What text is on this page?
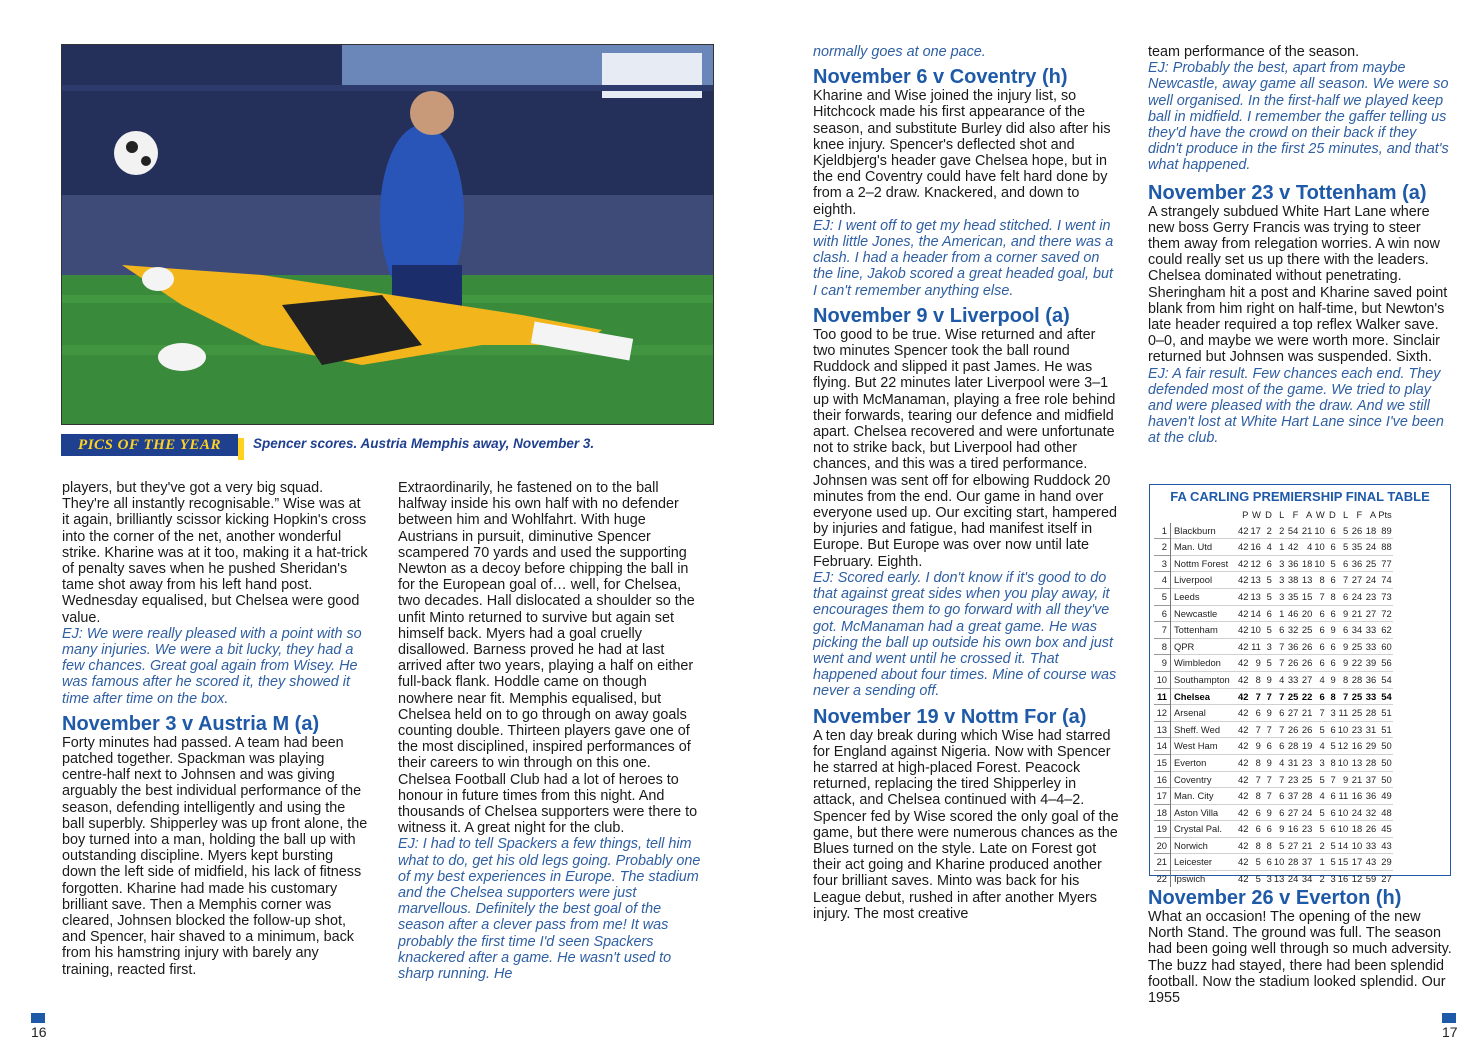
PICS OF THE YEAR	Spencer scores. Austria Memphis away, November 3.

players, but they've got a very big squad. They're all instantly recognisable.” Wise was at it again, brilliantly scissor kicking Hopkin's cross into the corner of the net, another wonderful strike. Kharine was at it too, making it a hat-trick of penalty saves when he pushed Sheridan's tame shot away from his left hand post. Wednesday equalised, but Chelsea were good value.

EJ: We were really pleased with a point with so many injuries. We were a bit lucky, they had a few chances. Great goal again from Wisey. He was famous after he scored it, they showed it time after time on the box.

November 3 v Austria M (a)

Forty minutes had passed. A team had been patched together. Spackman was playing centre-half next to Johnsen and was giving arguably the best individual performance of the season, defending intelligently and using the ball superbly. Shipperley was up front alone, the boy turned into a man, holding the ball up with outstanding discipline. Myers kept bursting down the left side of midfield, his lack of fitness forgotten. Kharine had made his customary brilliant save. Then a Memphis corner was cleared, Johnsen blocked the follow-up shot, and Spencer, hair shaved to a minimum, back from his hamstring injury with barely any training, reacted first.

Extraordinarily, he fastened on to the ball halfway inside his own half with no defender between him and Wohlfahrt. With huge Austrians in pursuit, diminutive Spencer scampered 70 yards and used the supporting Newton as a decoy before chipping the ball in for the European goal of… well, for Chelsea, two decades. Hall dislocated a shoulder so the unfit Minto returned to survive but again set himself back. Myers had a goal cruelly disallowed. Barness proved he had at last arrived after two years, playing a half on either full-back flank. Hoddle came on though nowhere near fit. Memphis equalised, but Chelsea held on to go through on away goals counting double. Thirteen players gave one of the most disciplined, inspired performances of their careers to win through on this one. Chelsea Football Club had a lot of heroes to honour in future times from this night. And thousands of Chelsea supporters were there to witness it. A great night for the club.

EJ: I had to tell Spackers a few things, tell him what to do, get his old legs going. Probably one of my best experiences in Europe. The stadium and the Chelsea supporters were just marvellous. Definitely the best goal of the season after a clever pass from me! It was probably the first time I'd seen Spackers knackered after a game. He wasn't used to sharp running. He

normally goes at one pace.

November 6 v Coventry (h)

Kharine and Wise joined the injury list, so Hitchcock made his first appearance of the season, and substitute Burley did also after his knee injury. Spencer's deflected shot and Kjeldbjerg's header gave Chelsea hope, but in the end Coventry could have felt hard done by from a 2–2 draw. Knackered, and down to eighth.

EJ: I went off to get my head stitched. I went in with little Jones, the American, and there was a clash. I had a header from a corner saved on the line, Jakob scored a great headed goal, but I can't remember anything else.

November 9 v Liverpool (a)

Too good to be true. Wise returned and after two minutes Spencer took the ball round Ruddock and slipped it past James. He was flying. But 22 minutes later Liverpool were 3–1 up with McManaman, playing a free role behind their forwards, tearing our defence and midfield apart. Chelsea recovered and were unfortunate not to strike back, but Liverpool had other chances, and this was a tired performance. Johnsen was sent off for elbowing Ruddock 20 minutes from the end. Our game in hand over everyone used up. Our exciting start, hampered by injuries and fatigue, had manifest itself in Europe. But Europe was over now until late February. Eighth.

EJ: Scored early. I don't know if it's good to do that against great sides when you play away, it encourages them to go forward with all they've got. McManaman had a great game. He was picking the ball up outside his own box and just went and went until he crossed it. That happened about four times. Mine of course was never a sending off.

November 19 v Nottm For (a)

A ten day break during which Wise had starred for England against Nigeria. Now with Spencer he starred at high-placed Forest. Peacock returned, replacing the tired Shipperley in attack, and Chelsea continued with 4–4–2. Spencer fed by Wise scored the only goal of the game, but there were numerous chances as the Blues turned on the style. Late on Forest got their act going and Kharine produced another four brilliant saves. Minto was back for his League debut, rushed in after another Myers injury. The most creative

team performance of the season.

EJ: Probably the best, apart from maybe Newcastle, away game all season. We were so well organised. In the first-half we played keep ball in midfield. I remember the gaffer telling us they'd have the crowd on their back if they didn't produce in the first 25 minutes, and that's what happened.

November 23 v Tottenham (a)

A strangely subdued White Hart Lane where new boss Gerry Francis was trying to steer them away from relegation worries. A win now could really set us up there with the leaders. Chelsea dominated without penetrating. Sheringham hit a post and Kharine saved point blank from him right on half-time, but Newton's late header required a top reflex Walker save. 0–0, and maybe we were worth more. Sinclair returned but Johnsen was suspended. Sixth.

EJ: A fair result. Few chances each end. They defended most of the game. We tried to play and were pleased with the draw. And we still haven't lost at White Hart Lane since I've been at the club.

FA CARLING PREMIERSHIP FINAL TABLE
		P	W	D	L	F	A	W	D	L	F	A	Pts
1	Blackburn	42	17	2	2	54	21	10	6	5	26	18	89
2	Man. Utd	42	16	4	1	42	4	10	6	5	35	24	88
3	Nottm Forest	42	12	6	3	36	18	10	5	6	36	25	77
4	Liverpool	42	13	5	3	38	13	8	6	7	27	24	74
5	Leeds	42	13	5	3	35	15	7	8	6	24	23	73
6	Newcastle	42	14	6	1	46	20	6	6	9	21	27	72
7	Tottenham	42	10	5	6	32	25	6	9	6	34	33	62
8	QPR	42	11	3	7	36	26	6	6	9	25	33	60
9	Wimbledon	42	9	5	7	26	26	6	6	9	22	39	56
10	Southampton	42	8	9	4	33	27	4	9	8	28	36	54
11	Chelsea	42	7	7	7	25	22	6	8	7	25	33	54
12	Arsenal	42	6	9	6	27	21	7	3	11	25	28	51
13	Sheff. Wed	42	7	7	7	26	26	5	6	10	23	31	51
14	West Ham	42	9	6	6	28	19	4	5	12	16	29	50
15	Everton	42	8	9	4	31	23	3	8	10	13	28	50
16	Coventry	42	7	7	7	23	25	5	7	9	21	37	50
17	Man. City	42	8	7	6	37	28	4	6	11	16	36	49
18	Aston Villa	42	6	9	6	27	24	5	6	10	24	32	48
19	Crystal Pal.	42	6	6	9	16	23	5	6	10	18	26	45
20	Norwich	42	8	8	5	27	21	2	5	14	10	33	43
21	Leicester	42	5	6	10	28	37	1	5	15	17	43	29
22	Ipswich	42	5	3	13	24	34	2	3	16	12	59	27

November 26 v Everton (h)

What an occasion! The opening of the new North Stand. The ground was full. The season had been going well through so much adversity. The buzz had stayed, there had been splendid football. Now the stadium looked splendid. Our 1955

16	17
